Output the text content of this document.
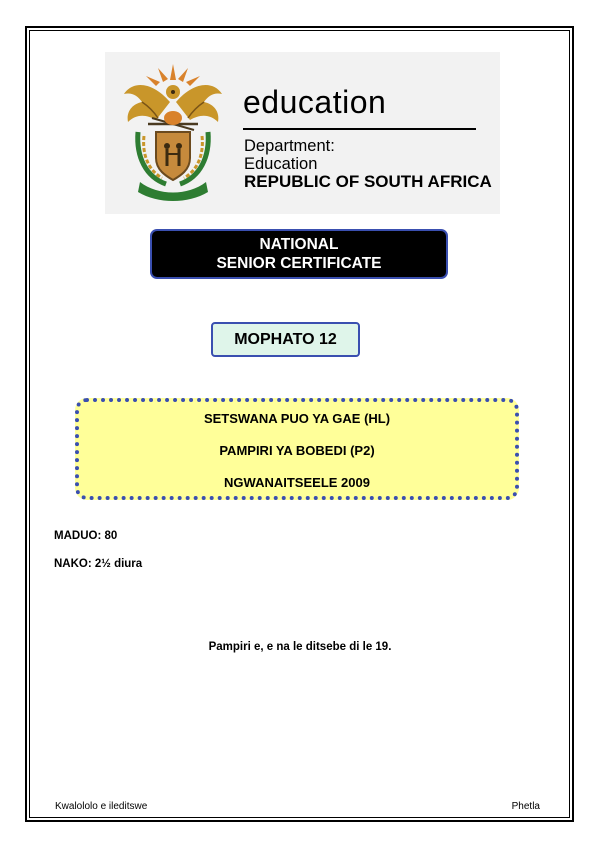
education
Department:
Education
REPUBLIC OF SOUTH AFRICA
NATIONAL
SENIOR CERTIFICATE
MOPHATO 12
SETSWANA PUO YA GAE (HL)
PAMPIRI YA BOBEDI (P2)
NGWANAITSEELE 2009
MADUO: 80
NAKO: 2½ diura
Pampiri e, e na le ditsebe di le 19.
Kwalololo e ileditswe	Phetla
